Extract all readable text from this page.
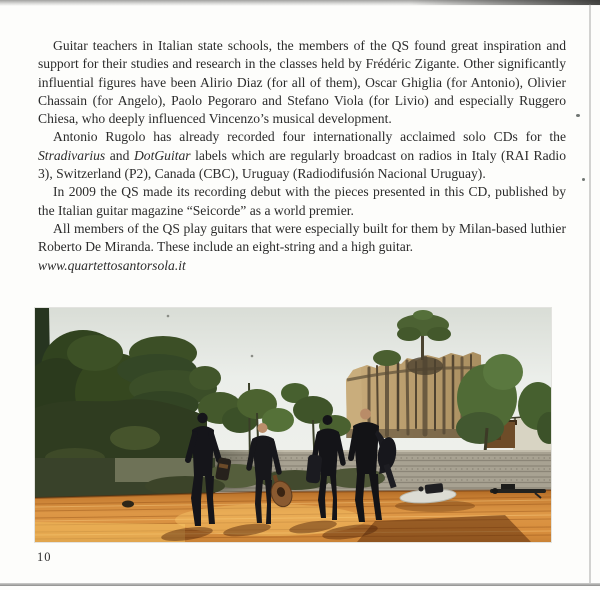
Guitar teachers in Italian state schools, the members of the QS found great inspiration and support for their studies and research in the classes held by Frédéric Zigante. Other significantly influential figures have been Alirio Diaz (for all of them), Oscar Ghiglia (for Antonio), Olivier Chassain (for Angelo), Paolo Pegoraro and Stefano Viola (for Livio) and especially Ruggero Chiesa, who deeply influenced Vincenzo’s musical development.

Antonio Rugolo has already recorded four internationally acclaimed solo CDs for the Stradivarius and DotGuitar labels which are regularly broadcast on radios in Italy (RAI Radio 3), Switzerland (P2), Canada (CBC), Uruguay (Radiodifusión Nacional Uruguay).

In 2009 the QS made its recording debut with the pieces presented in this CD, published by the Italian guitar magazine “Seicorde” as a world premier.

All members of the QS play guitars that were especially built for them by Milan-based luthier Roberto De Miranda. These include an eight-string and a high guitar.

www.quartettosantorsola.it

10
